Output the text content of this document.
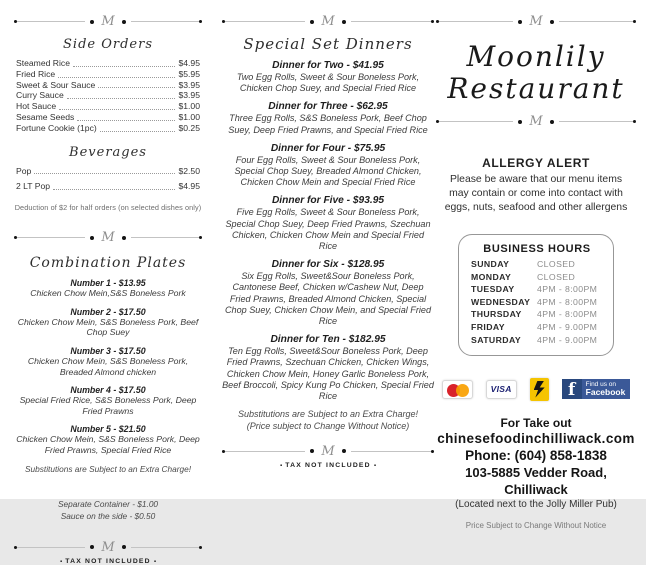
M
Side Orders
Steamed Rice	$4.95
Fried Rice	$5.95
Sweet & Sour Sauce	$3.95
Curry Sauce	$3.95
Hot Sauce	$1.00
Sesame Seeds	$1.00
Fortune Cookie (1pc)	$0.25
Beverages
Pop	$2.50
2 LT Pop	$4.95
Deduction of $2 for half orders (on selected dishes only)
M
Combination Plates
Number 1 - $13.95
Chicken Chow Mein,S&S Boneless Pork
Number 2 - $17.50
Chicken Chow Mein, S&S Boneless Pork, Beef Chop Suey
Number 3 - $17.50
Chicken Chow Mein, S&S Boneless Pork, Breaded Almond chicken
Number 4 - $17.50
Special Fried Rice, S&S Boneless Pork, Deep Fried Prawns
Number 5 - $21.50
Chicken Chow Mein, S&S Boneless Pork, Deep Fried Prawns, Special Fried Rice
Substitutions are Subject to an Extra Charge!
Separate Container - $1.00
Sauce on the side - $0.50
M
▪ TAX NOT INCLUDED ▪
M
Special Set Dinners
Dinner for Two - $41.95
Two Egg Rolls, Sweet & Sour Boneless Pork, Chicken Chop Suey, and Special Fried Rice
Dinner for Three - $62.95
Three Egg Rolls, S&S Boneless Pork, Beef Chop Suey, Deep Fried Prawns, and Special Fried Rice
Dinner for Four - $75.95
Four Egg Rolls, Sweet & Sour Boneless Pork, Special Chop Suey, Breaded Almond Chicken, Chicken Chow Mein and Special Fried Rice
Dinner for Five - $93.95
Five Egg Rolls, Sweet & Sour Boneless Pork, Special Chop Suey, Deep Fried Prawns, Szechuan Chicken, Chicken Chow Mein and Special Fried Rice
Dinner for Six - $128.95
Six Egg Rolls, Sweet&Sour Boneless Pork, Cantonese Beef, Chicken w/Cashew Nut, Deep Fried Prawns, Breaded Almond Chicken, Special Chop Suey, Chicken Chow Mein, and Special Fried Rice
Dinner for Ten - $182.95
Ten Egg Rolls, Sweet&Sour Boneless Pork, Deep Fried Prawns, Szechuan Chicken, Chicken Wings, Chicken Chow Mein, Honey Garlic Boneless Pork, Beef Broccoli, Spicy Kung Po Chicken, Special Fried Rice
Substitutions are Subject to an Extra Charge!
(Price subject to Change Without Notice)
M
▪ TAX NOT INCLUDED ▪
M
Moonlily
Restaurant
M
ALLERGY ALERT
Please be aware that our menu items may contain or come into contact with eggs, nuts, seafood and other allergens
BUSINESS HOURS
SUNDAY	CLOSED
MONDAY	CLOSED
TUESDAY	4PM - 8:00PM
WEDNESDAY 4PM - 8:00PM
THURSDAY	4PM - 8:00PM
FRIDAY	4PM - 9.00PM
SATURDAY	4PM - 9.00PM
VISA	f	Find us on
Facebook
For Take out
chinesefoodinchilliwack.com
Phone: (604) 858-1838
103-5885 Vedder Road, Chilliwack
(Located next to the Jolly Miller Pub)
Price Subject to Change Without Notice
